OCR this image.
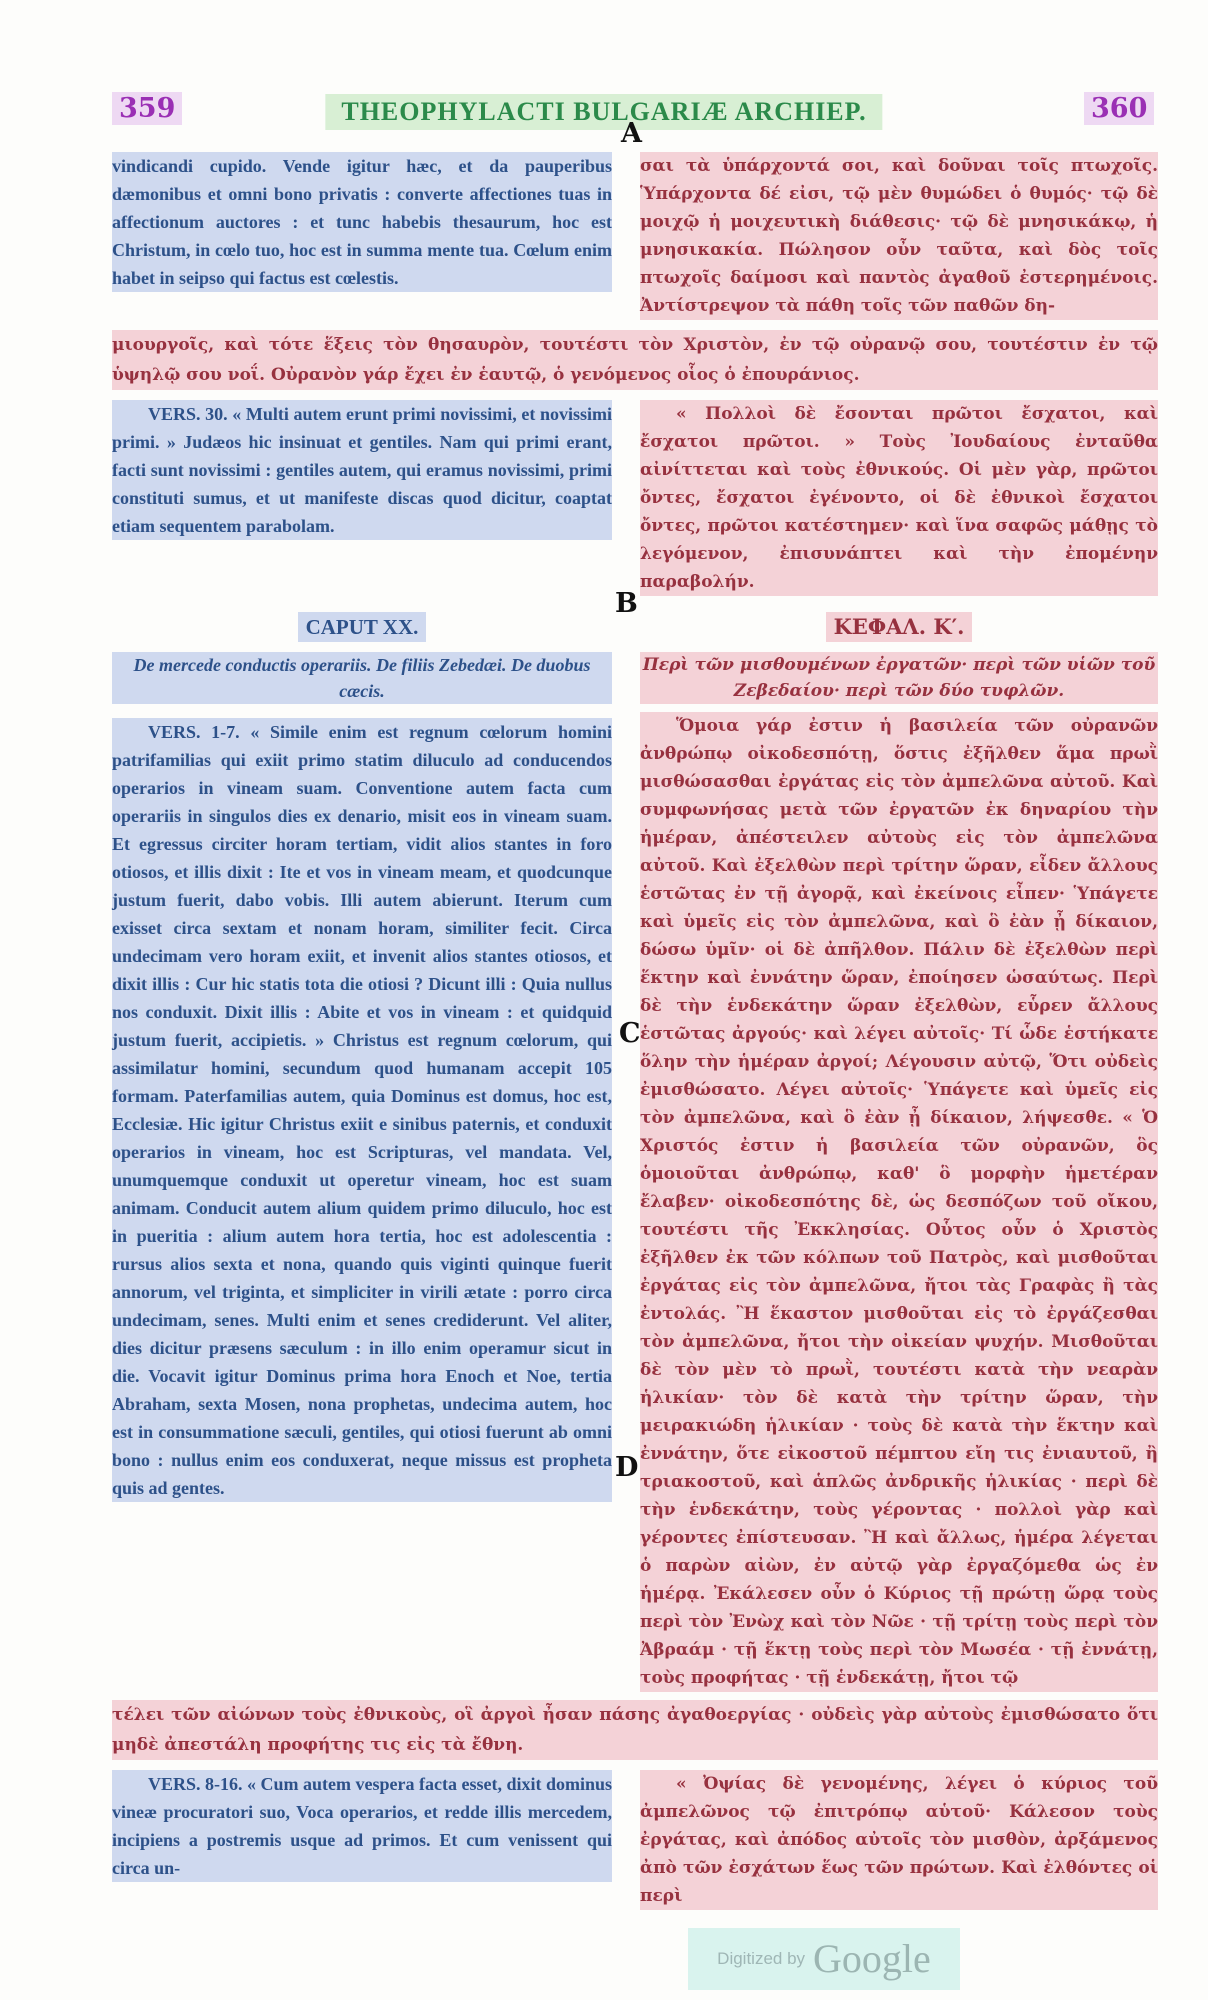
359	THEOPHYLACTI BULGARIÆ ARCHIEP.	360
A
B
C
D
vindicandi cupido. Vende igitur hæc, et da pauperibus dæmonibus et omni bono privatis : converte affectiones tuas in affectionum auctores : et tunc habebis thesaurum, hoc est Christum, in cœlo tuo, hoc est in summa mente tua. Cœlum enim habet in seipso qui factus est cœlestis.
σαι τὰ ὑπάρχοντά σοι, καὶ δοῦναι τοῖς πτωχοῖς. Ὑπάρχοντα δέ εἰσι, τῷ μὲν θυμώδει ὁ θυμός· τῷ δὲ μοιχῷ ἡ μοιχευτικὴ διάθεσις· τῷ δὲ μνησικάκῳ, ἡ μνησικακία. Πώλησον οὖν ταῦτα, καὶ δὸς τοῖς πτωχοῖς δαίμοσι καὶ παντὸς ἀγαθοῦ ἐστερημένοις. Ἀντίστρεψον τὰ πάθη τοῖς τῶν παθῶν δη-
μιουργοῖς, καὶ τότε ἕξεις τὸν θησαυρὸν, τουτέστι τὸν Χριστὸν, ἐν τῷ οὐρανῷ σου, τουτέστιν ἐν τῷ ὑψηλῷ σου νοΐ. Οὐρανὸν γάρ ἔχει ἐν ἑαυτῷ, ὁ γενόμενος οἷος ὁ ἐπουράνιος.
VERS. 30. « Multi autem erunt primi novissimi, et novissimi primi. » Judæos hic insinuat et gentiles. Nam qui primi erant, facti sunt novissimi : gentiles autem, qui eramus novissimi, primi constituti sumus, et ut manifeste discas quod dicitur, coaptat etiam sequentem parabolam.
« Πολλοὶ δὲ ἔσονται πρῶτοι ἔσχατοι, καὶ ἔσχατοι πρῶτοι. » Τοὺς Ἰουδαίους ἐνταῦθα αἰνίττεται καὶ τοὺς ἐθνικούς. Οἱ μὲν γὰρ, πρῶτοι ὄντες, ἔσχατοι ἐγένοντο, οἱ δὲ ἐθνικοὶ ἔσχατοι ὄντες, πρῶτοι κατέστημεν· καὶ ἵνα σαφῶς μάθῃς τὸ λεγόμενον, ἐπισυνάπτει καὶ τὴν ἐπομένην παραβολήν.
CAPUT XX.	ΚΕΦΑΛ. Κ′.
De mercede conductis operariis. De filiis Zebedæi. De duobus cæcis.
Περὶ τῶν μισθουμένων ἐργατῶν· περὶ τῶν υἱῶν τοῦ Ζεβεδαίου· περὶ τῶν δύο τυφλῶν.
VERS. 1-7. « Simile enim est regnum cœlorum homini patrifamilias qui exiit primo statim diluculo ad conducendos operarios in vineam suam. Conventione autem facta cum operariis in singulos dies ex denario, misit eos in vineam suam. Et egressus circiter horam tertiam, vidit alios stantes in foro otiosos, et illis dixit : Ite et vos in vineam meam, et quodcunque justum fuerit, dabo vobis. Illi autem abierunt. Iterum cum exisset circa sextam et nonam horam, similiter fecit. Circa undecimam vero horam exiit, et invenit alios stantes otiosos, et dixit illis : Cur hic statis tota die otiosi ? Dicunt illi : Quia nullus nos conduxit. Dixit illis : Abite et vos in vineam : et quidquid justum fuerit, accipietis. » Christus est regnum cœlorum, qui assimilatur homini, secundum quod humanam accepit 105 formam. Paterfamilias autem, quia Dominus est domus, hoc est, Ecclesiæ. Hic igitur Christus exiit e sinibus paternis, et conduxit operarios in vineam, hoc est Scripturas, vel mandata. Vel, unumquemque conduxit ut operetur vineam, hoc est suam animam. Conducit autem alium quidem primo diluculo, hoc est in pueritia : alium autem hora tertia, hoc est adolescentia : rursus alios sexta et nona, quando quis viginti quinque fuerit annorum, vel triginta, et simpliciter in virili ætate : porro circa undecimam, senes. Multi enim et senes crediderunt. Vel aliter, dies dicitur præsens sæculum : in illo enim operamur sicut in die. Vocavit igitur Dominus prima hora Enoch et Noe, tertia Abraham, sexta Mosen, nona prophetas, undecima autem, hoc est in consummatione sæculi, gentiles, qui otiosi fuerunt ab omni bono : nullus enim eos conduxerat, neque missus est propheta quis ad gentes.
Ὅμοια γάρ ἐστιν ἡ βασιλεία τῶν οὐρανῶν ἀνθρώπῳ οἰκοδεσπότῃ, ὅστις ἐξῆλθεν ἅμα πρωῒ μισθώσασθαι ἐργάτας εἰς τὸν ἀμπελῶνα αὐτοῦ. Καὶ συμφωνήσας μετὰ τῶν ἐργατῶν ἐκ δηναρίου τὴν ἡμέραν, ἀπέστειλεν αὐτοὺς εἰς τὸν ἀμπελῶνα αὐτοῦ. Καὶ ἐξελθὼν περὶ τρίτην ὥραν, εἶδεν ἄλλους ἑστῶτας ἐν τῇ ἀγορᾷ, καὶ ἐκείνοις εἶπεν· Ὑπάγετε καὶ ὑμεῖς εἰς τὸν ἀμπελῶνα, καὶ ὃ ἐὰν ᾖ δίκαιον, δώσω ὑμῖν· οἱ δὲ ἀπῆλθον. Πάλιν δὲ ἐξελθὼν περὶ ἕκτην καὶ ἐννάτην ὥραν, ἐποίησεν ὡσαύτως. Περὶ δὲ τὴν ἑνδεκάτην ὥραν ἐξελθὼν, εὗρεν ἄλλους ἑστῶτας ἀργούς· καὶ λέγει αὐτοῖς· Τί ὧδε ἑστήκατε ὅλην τὴν ἡμέραν ἀργοί; Λέγουσιν αὐτῷ, Ὅτι οὐδεὶς ἐμισθώσατο. Λέγει αὐτοῖς· Ὑπάγετε καὶ ὑμεῖς εἰς τὸν ἀμπελῶνα, καὶ ὃ ἐὰν ᾖ δίκαιον, λήψεσθε. « Ὁ Χριστός ἐστιν ἡ βασιλεία τῶν οὐρανῶν, ὃς ὁμοιοῦται ἀνθρώπῳ, καθ' ὃ μορφὴν ἡμετέραν ἔλαβεν· οἰκοδεσπότης δὲ, ὡς δεσπόζων τοῦ οἴκου, τουτέστι τῆς Ἐκκλησίας. Οὗτος οὖν ὁ Χριστὸς ἐξῆλθεν ἐκ τῶν κόλπων τοῦ Πατρὸς, καὶ μισθοῦται ἐργάτας εἰς τὸν ἀμπελῶνα, ἤτοι τὰς Γραφὰς ἢ τὰς ἐντολάς. Ἢ ἕκαστον μισθοῦται εἰς τὸ ἐργάζεσθαι τὸν ἀμπελῶνα, ἤτοι τὴν οἰκείαν ψυχήν. Μισθοῦται δὲ τὸν μὲν τὸ πρωῒ, τουτέστι κατὰ τὴν νεαρὰν ἡλικίαν· τὸν δὲ κατὰ τὴν τρίτην ὥραν, τὴν μειρακιώδη ἡλικίαν · τοὺς δὲ κατὰ τὴν ἕκτην καὶ ἐννάτην, ὅτε εἰκοστοῦ πέμπτου εἴη τις ἐνιαυτοῦ, ἢ τριακοστοῦ, καὶ ἁπλῶς ἀνδρικῆς ἡλικίας · περὶ δὲ τὴν ἑνδεκάτην, τοὺς γέροντας · πολλοὶ γὰρ καὶ γέροντες ἐπίστευσαν. Ἢ καὶ ἄλλως, ἡμέρα λέγεται ὁ παρὼν αἰὼν, ἐν αὐτῷ γὰρ ἐργαζόμεθα ὡς ἐν ἡμέρᾳ. Ἐκάλεσεν οὖν ὁ Κύριος τῇ πρώτῃ ὥρᾳ τοὺς περὶ τὸν Ἐνὼχ καὶ τὸν Νῶε · τῇ τρίτῃ τοὺς περὶ τὸν Ἀβραάμ · τῇ ἕκτῃ τοὺς περὶ τὸν Μωσέα · τῇ ἐννάτῃ, τοὺς προφήτας · τῇ ἑνδεκάτῃ, ἤτοι τῷ
τέλει τῶν αἰώνων τοὺς ἐθνικοὺς, οἳ ἀργοὶ ἦσαν πάσης ἀγαθοεργίας · οὐδεὶς γὰρ αὐτοὺς ἐμισθώσατο ὅτι μηδὲ ἀπεστάλη προφήτης τις εἰς τὰ ἔθνη.
VERS. 8-16. « Cum autem vespera facta esset, dixit dominus vineæ procuratori suo, Voca operarios, et redde illis mercedem, incipiens a postremis usque ad primos. Et cum venissent qui circa un-
« Ὀψίας δὲ γενομένης, λέγει ὁ κύριος τοῦ ἀμπελῶνος τῷ ἐπιτρόπῳ αὑτοῦ· Κάλεσον τοὺς ἐργάτας, καὶ ἀπόδος αὐτοῖς τὸν μισθὸν, ἀρξάμενος ἀπὸ τῶν ἐσχάτων ἕως τῶν πρώτων. Καὶ ἐλθόντες οἱ περὶ
Digitized by Google
